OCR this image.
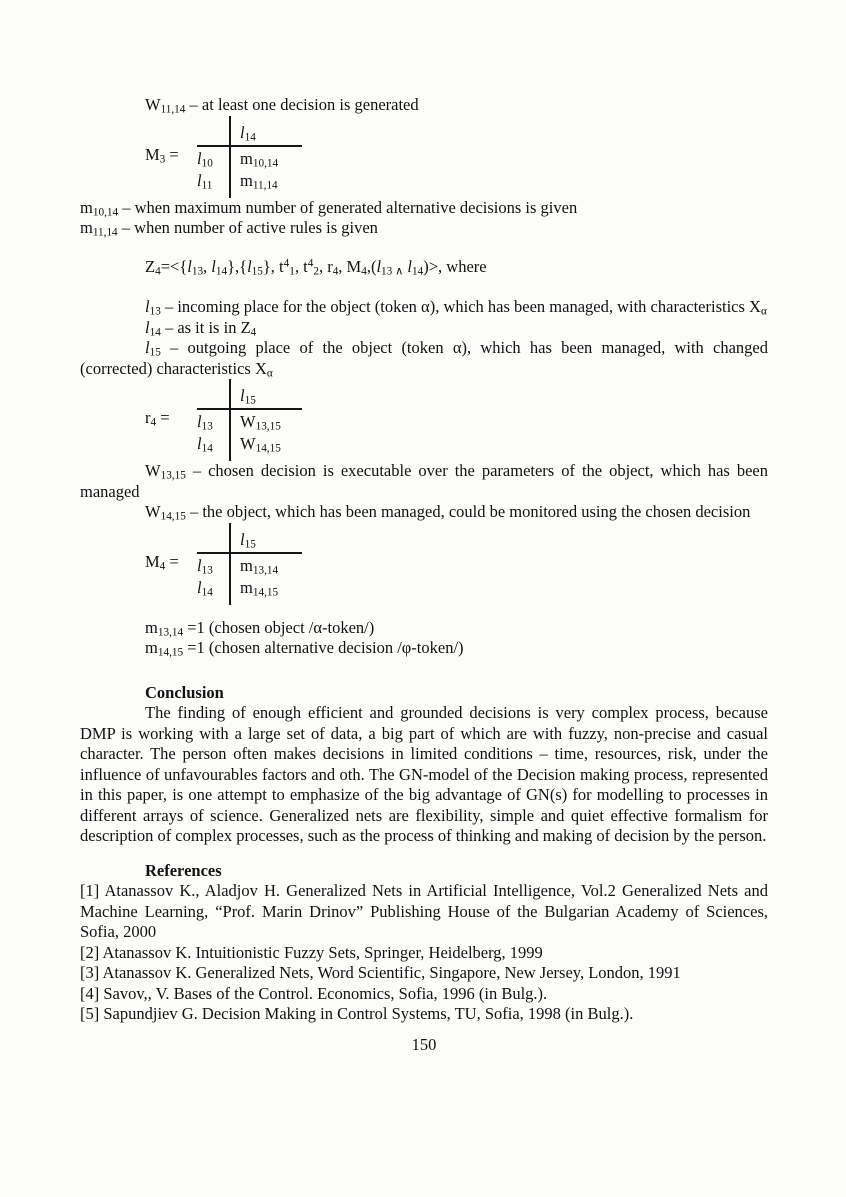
$W_{11,14}$ – at least one decision is generated

$M_3$ =
	$l_{14}$
$l_{10}$	$m_{10,14}$
$l_{11}$	$m_{11,14}$

$m_{10,14}$ – when maximum number of generated alternative decisions is given

$m_{11,14}$ – when number of active rules is given

$Z_4=<\{l_{13}$, $l_{14}\},\{l_{15}\}$, $t^4_1$, $t^4_2$, $r_4$, $M_4,(l_{13 \wedge}$ $l_{14})>$, where

$l_{13}$ – incoming place for the object (token α), which has been managed, with characteristics $X_\alpha$

$l_{14}$ – as it is in $Z_4$

$l_{15}$ – outgoing place of the object (token α), which has been managed, with changed (corrected) characteristics $X_\alpha$

$r_4$ =
	$l_{15}$
$l_{13}$	$W_{13,15}$
$l_{14}$	$W_{14,15}$

$W_{13,15}$ – chosen decision is executable over the parameters of the object, which has been managed

$W_{14,15}$ – the object, which has been managed, could be monitored using the chosen decision

$M_4$ =
	$l_{15}$
$l_{13}$	$m_{13,14}$
$l_{14}$	$m_{14,15}$

$m_{13,14} =1$ (chosen object /α-token/)

$m_{14,15} =1$ (chosen alternative decision /φ-token/)

Conclusion

The finding of enough efficient and grounded decisions is very complex process, because DMP is working with a large set of data, a big part of which are with fuzzy, non-precise and casual character. The person often makes decisions in limited conditions – time, resources, risk, under the influence of unfavourables factors and oth. The GN-model of the Decision making process, represented in this paper, is one attempt to emphasize of the big advantage of GN(s) for modelling to processes in different arrays of science. Generalized nets are flexibility, simple and quiet effective formalism for description of complex processes, such as the process of thinking and making of decision by the person.

References

[1] Atanassov K., Aladjov H. Generalized Nets in Artificial Intelligence, Vol.2 Generalized Nets and Machine Learning, “Prof. Marin Drinov” Publishing House of the Bulgarian Academy of Sciences, Sofia, 2000

[2] Atanassov K. Intuitionistic Fuzzy Sets, Springer, Heidelberg, 1999

[3] Atanassov K. Generalized Nets, Word Scientific, Singapore, New Jersey, London, 1991

[4] Savov,, V. Bases of the Control. Economics, Sofia, 1996 (in Bulg.).

[5] Sapundjiev G. Decision Making in Control Systems, TU, Sofia, 1998 (in Bulg.).

150
